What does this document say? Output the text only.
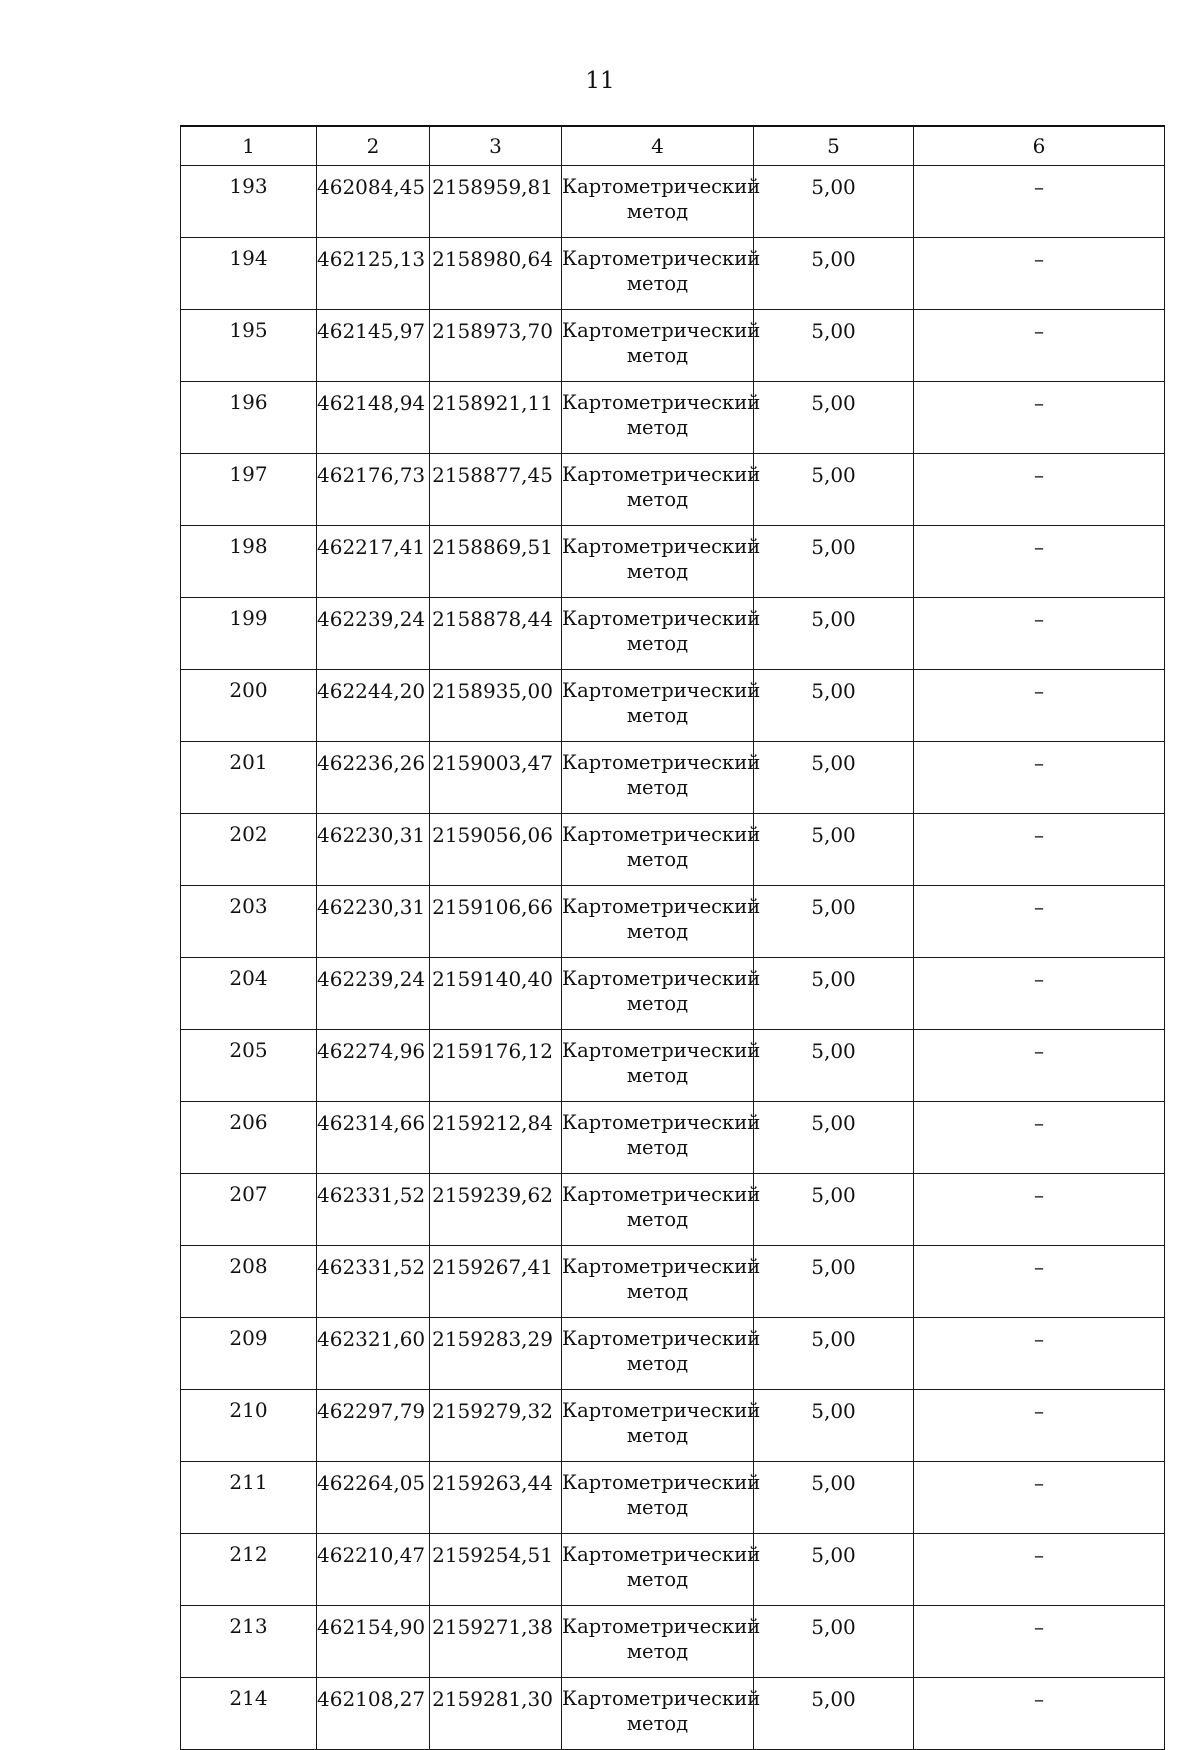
11
1	2	3	4	5	6
193	462084,45	2158959,81	Картометрический
метод	5,00	–
194	462125,13	2158980,64	Картометрический
метод	5,00	–
195	462145,97	2158973,70	Картометрический
метод	5,00	–
196	462148,94	2158921,11	Картометрический
метод	5,00	–
197	462176,73	2158877,45	Картометрический
метод	5,00	–
198	462217,41	2158869,51	Картометрический
метод	5,00	–
199	462239,24	2158878,44	Картометрический
метод	5,00	–
200	462244,20	2158935,00	Картометрический
метод	5,00	–
201	462236,26	2159003,47	Картометрический
метод	5,00	–
202	462230,31	2159056,06	Картометрический
метод	5,00	–
203	462230,31	2159106,66	Картометрический
метод	5,00	–
204	462239,24	2159140,40	Картометрический
метод	5,00	–
205	462274,96	2159176,12	Картометрический
метод	5,00	–
206	462314,66	2159212,84	Картометрический
метод	5,00	–
207	462331,52	2159239,62	Картометрический
метод	5,00	–
208	462331,52	2159267,41	Картометрический
метод	5,00	–
209	462321,60	2159283,29	Картометрический
метод	5,00	–
210	462297,79	2159279,32	Картометрический
метод	5,00	–
211	462264,05	2159263,44	Картометрический
метод	5,00	–
212	462210,47	2159254,51	Картометрический
метод	5,00	–
213	462154,90	2159271,38	Картометрический
метод	5,00	–
214	462108,27	2159281,30	Картометрический
метод	5,00	–
